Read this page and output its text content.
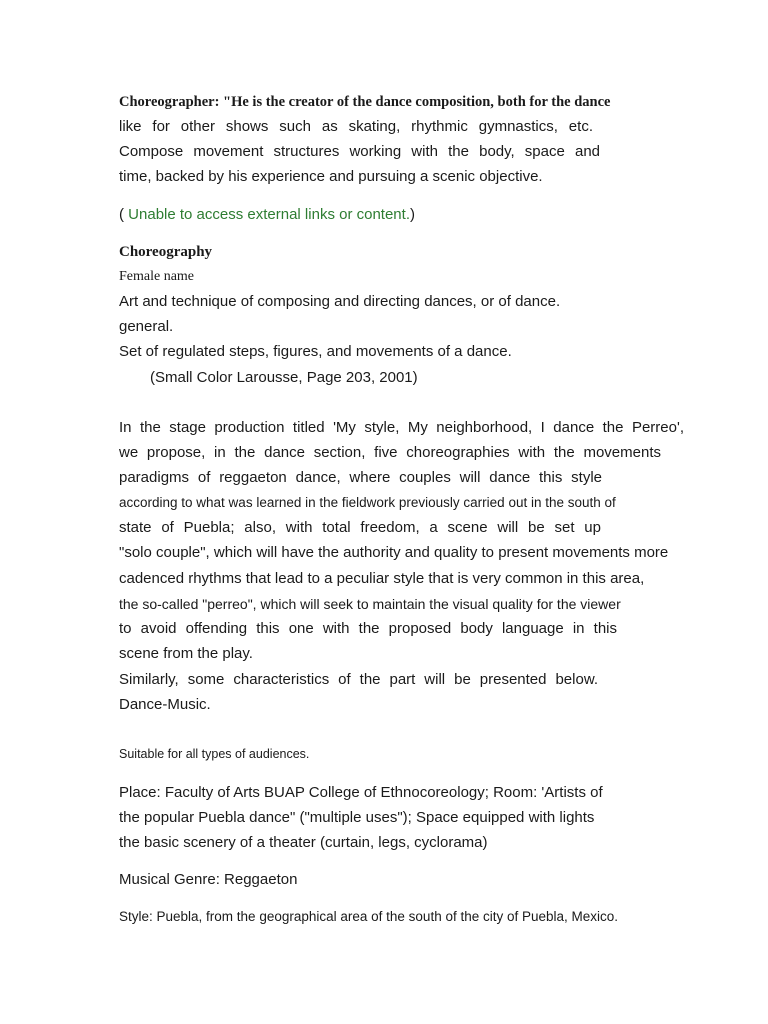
Choreographer: "He is the creator of the dance composition, both for the dance
like for other shows such as skating, rhythmic gymnastics, etc.
Compose movement structures working with the body, space and
time, backed by his experience and pursuing a scenic objective.
( Unable to access external links or content.)
Choreography
Female name
Art and technique of composing and directing dances, or of dance.
general.
Set of regulated steps, figures, and movements of a dance.
(Small Color Larousse, Page 203, 2001)
In the stage production titled 'My style, My neighborhood, I dance the Perreo',
we propose, in the dance section, five choreographies with the movements
paradigms of reggaeton dance, where couples will dance this style
according to what was learned in the fieldwork previously carried out in the south of
state of Puebla; also, with total freedom, a scene will be set up
"solo couple", which will have the authority and quality to present movements more
cadenced rhythms that lead to a peculiar style that is very common in this area,
the so-called "perreo", which will seek to maintain the visual quality for the viewer
to avoid offending this one with the proposed body language in this
scene from the play.
Similarly, some characteristics of the part will be presented below.
Dance-Music.
Suitable for all types of audiences.
Place: Faculty of Arts BUAP College of Ethnocoreology; Room: 'Artists of
the popular Puebla dance" ("multiple uses"); Space equipped with lights
the basic scenery of a theater (curtain, legs, cyclorama)
Musical Genre: Reggaeton
Style: Puebla, from the geographical area of the south of the city of Puebla, Mexico.
